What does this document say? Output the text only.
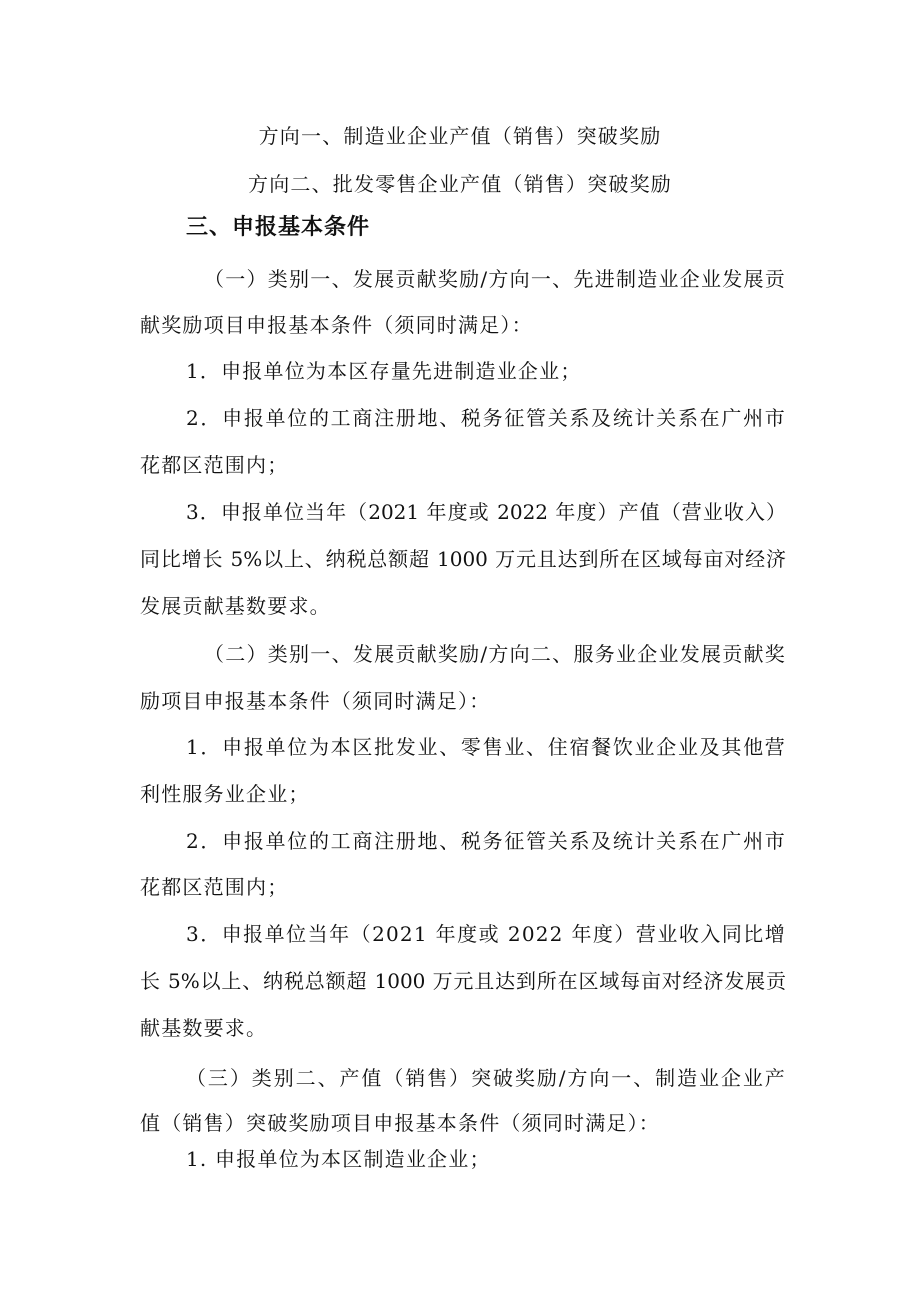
方向一、制造业企业产值（销售）突破奖励
方向二、批发零售企业产值（销售）突破奖励
三、申报基本条件
（一）类别一、发展贡献奖励/方向一、先进制造业企业发展贡
献奖励项目申报基本条件（须同时满足）：
1．申报单位为本区存量先进制造业企业；
2．申报单位的工商注册地、税务征管关系及统计关系在广州市
花都区范围内；
3．申报单位当年（2021 年度或 2022 年度）产值（营业收入）
同比增长 5%以上、纳税总额超 1000 万元且达到所在区域每亩对经济
发展贡献基数要求。
（二）类别一、发展贡献奖励/方向二、服务业企业发展贡献奖
励项目申报基本条件（须同时满足）：
1．申报单位为本区批发业、零售业、住宿餐饮业企业及其他营
利性服务业企业；
2．申报单位的工商注册地、税务征管关系及统计关系在广州市
花都区范围内；
3．申报单位当年（2021 年度或 2022 年度）营业收入同比增
长 5%以上、纳税总额超 1000 万元且达到所在区域每亩对经济发展贡
献基数要求。
（三）类别二、产值（销售）突破奖励/方向一、制造业企业产
值（销售）突破奖励项目申报基本条件（须同时满足）：
1. 申报单位为本区制造业企业；
